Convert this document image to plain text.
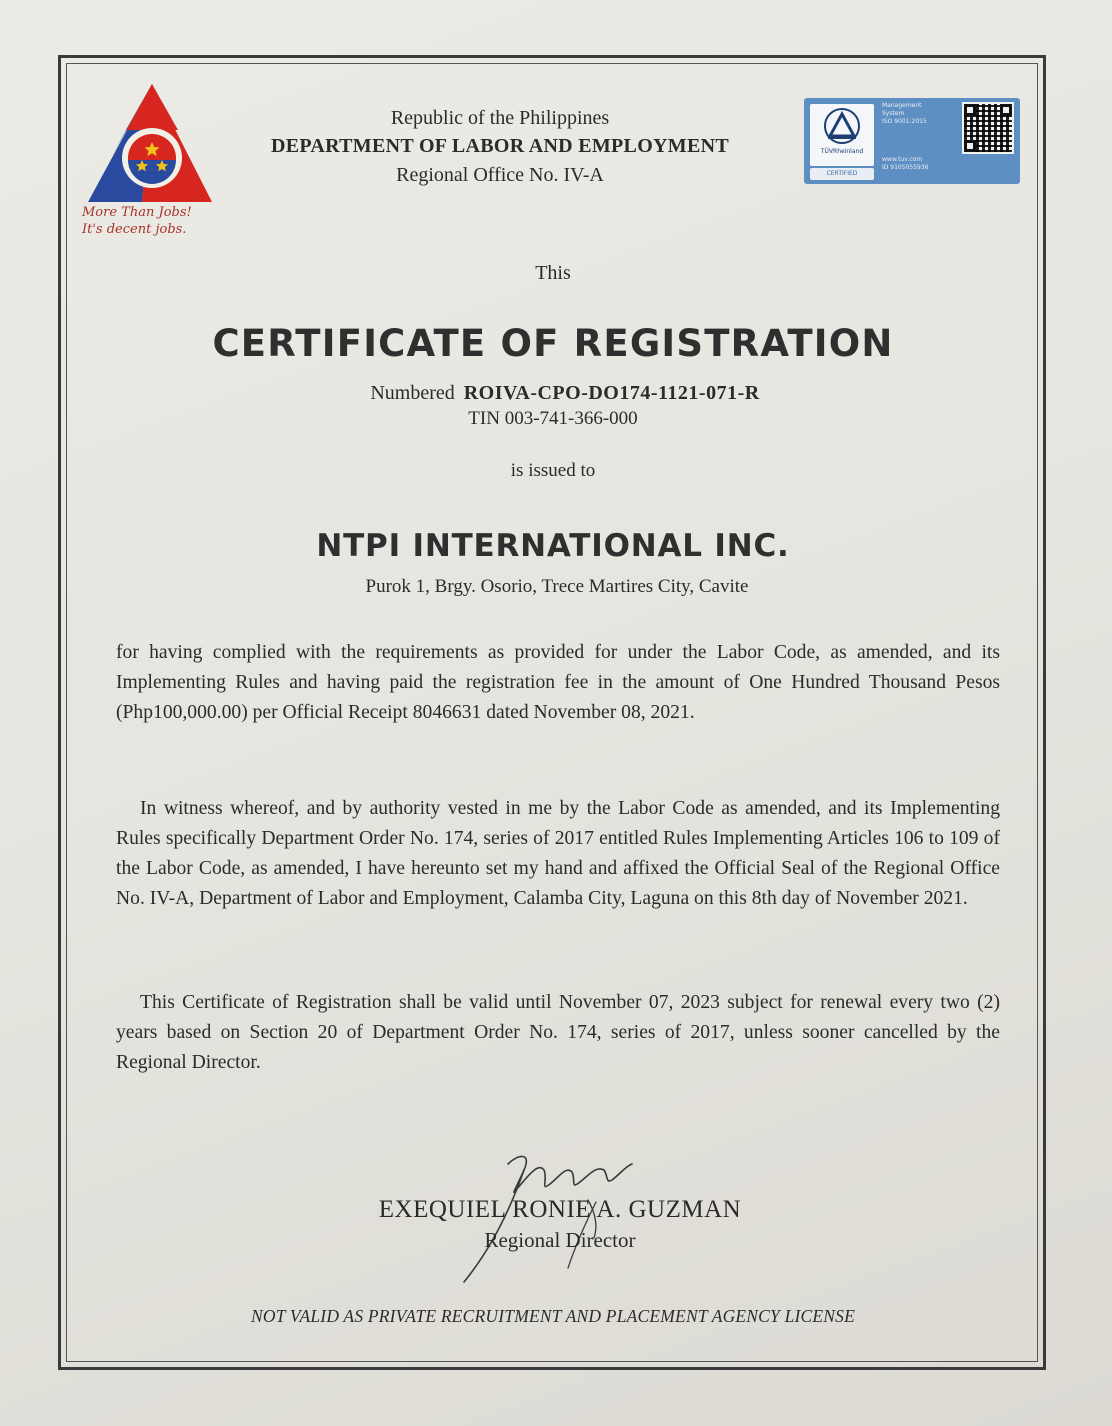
More Than Jobs!
It's decent jobs.
Republic of the Philippines
DEPARTMENT OF LABOR AND EMPLOYMENT
Regional Office No. IV-A
TÜVRheinland
CERTIFIED
Management
System
ISO 9001:2015
www.tuv.com
ID 9105055936
This
CERTIFICATE OF REGISTRATION
Numbered ROIVA-CPO-DO174-1121-071-R
TIN 003-741-366-000
is issued to
NTPI INTERNATIONAL INC.
Purok 1, Brgy. Osorio, Trece Martires City, Cavite

for having complied with the requirements as provided for under the Labor Code, as amended, and its Implementing Rules and having paid the registration fee in the amount of One Hundred Thousand Pesos (Php100,000.00) per Official Receipt 8046631 dated November 08, 2021.

In witness whereof, and by authority vested in me by the Labor Code as amended, and its Implementing Rules specifically Department Order No. 174, series of 2017 entitled Rules Implementing Articles 106 to 109 of the Labor Code, as amended, I have hereunto set my hand and affixed the Official Seal of the Regional Office No. IV-A, Department of Labor and Employment, Calamba City, Laguna on this 8th day of November 2021.

This Certificate of Registration shall be valid until November 07, 2023 subject for renewal every two (2) years based on Section 20 of Department Order No. 174, series of 2017, unless sooner cancelled by the Regional Director.

EXEQUIEL RONIE A. GUZMAN
Regional Director
NOT VALID AS PRIVATE RECRUITMENT AND PLACEMENT AGENCY LICENSE
